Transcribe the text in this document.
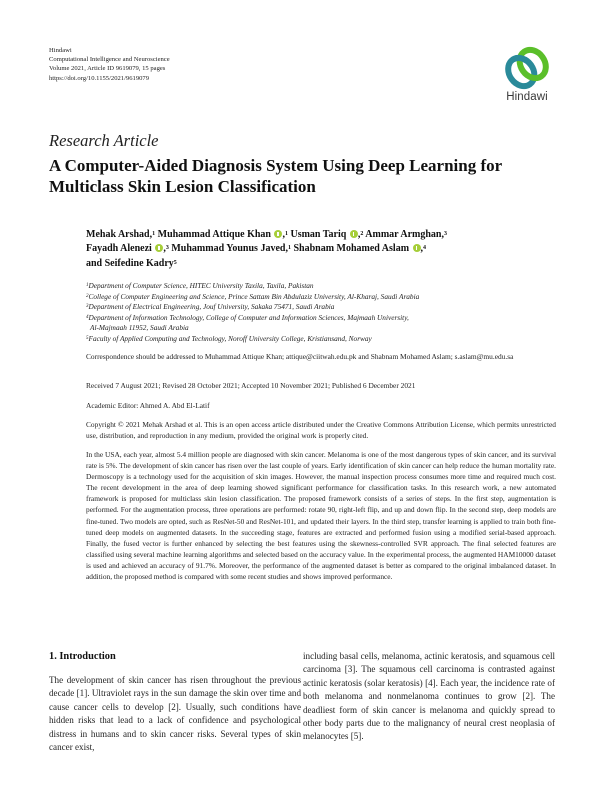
Hindawi
Computational Intelligence and Neuroscience
Volume 2021, Article ID 9619079, 15 pages
https://doi.org/10.1155/2021/9619079
Hindawi
Research Article
A Computer-Aided Diagnosis System Using Deep Learning for Multiclass Skin Lesion Classification
Mehak Arshad,$^1$ Muhammad Attique Khan ,$^1$ Usman Tariq ,$^2$ Ammar Armghan,$^3$
Fayadh Alenezi ,$^3$ Muhammad Younus Javed,$^1$ Shabnam Mohamed Aslam ,$^4$
and Seifedine Kadry$^5$
$^1$Department of Computer Science, HITEC University Taxila, Taxila, Pakistan
$^2$College of Computer Engineering and Science, Prince Sattam Bin Abdulaziz University, Al-Kharaj, Saudi Arabia
$^3$Department of Electrical Engineering, Jouf University, Sakaka 75471, Saudi Arabia
$^4$Department of Information Technology, College of Computer and Information Sciences, Majmaah University,
Al-Majmaah 11952, Saudi Arabia
$^5$Faculty of Applied Computing and Technology, Noroff University College, Kristiansand, Norway
Correspondence should be addressed to Muhammad Attique Khan; attique@ciitwah.edu.pk and Shabnam Mohamed Aslam; s.aslam@mu.edu.sa
Received 7 August 2021; Revised 28 October 2021; Accepted 10 November 2021; Published 6 December 2021
Academic Editor: Ahmed A. Abd El-Latif
Copyright © 2021 Mehak Arshad et al. This is an open access article distributed under the Creative Commons Attribution License, which permits unrestricted use, distribution, and reproduction in any medium, provided the original work is properly cited.
In the USA, each year, almost 5.4 million people are diagnosed with skin cancer. Melanoma is one of the most dangerous types of skin cancer, and its survival rate is 5%. The development of skin cancer has risen over the last couple of years. Early identification of skin cancer can help reduce the human mortality rate. Dermoscopy is a technology used for the acquisition of skin images. However, the manual inspection process consumes more time and required much cost. The recent development in the area of deep learning showed significant performance for classification tasks. In this research work, a new automated framework is proposed for multiclass skin lesion classification. The proposed framework consists of a series of steps. In the first step, augmentation is performed. For the augmentation process, three operations are performed: rotate 90, right-left flip, and up and down flip. In the second step, deep models are fine-tuned. Two models are opted, such as ResNet-50 and ResNet-101, and updated their layers. In the third step, transfer learning is applied to train both fine-tuned deep models on augmented datasets. In the succeeding stage, features are extracted and performed fusion using a modified serial-based approach. Finally, the fused vector is further enhanced by selecting the best features using the skewness-controlled SVR approach. The final selected features are classified using several machine learning algorithms and selected based on the accuracy value. In the experimental process, the augmented HAM10000 dataset is used and achieved an accuracy of 91.7%. Moreover, the performance of the augmented dataset is better as compared to the original imbalanced dataset. In addition, the proposed method is compared with some recent studies and shows improved performance.
1. Introduction
The development of skin cancer has risen throughout the previous decade [1]. Ultraviolet rays in the sun damage the skin over time and cause cancer cells to develop [2]. Usually, such conditions have hidden risks that lead to a lack of confidence and psychological distress in humans and to skin cancer risks. Several types of skin cancer exist,
including basal cells, melanoma, actinic keratosis, and squamous cell carcinoma [3]. The squamous cell carcinoma is contrasted against actinic keratosis (solar keratosis) [4]. Each year, the incidence rate of both melanoma and nonmelanoma continues to grow [2]. The deadliest form of skin cancer is melanoma and quickly spread to other body parts due to the malignancy of neural crest neoplasia of melanocytes [5].
